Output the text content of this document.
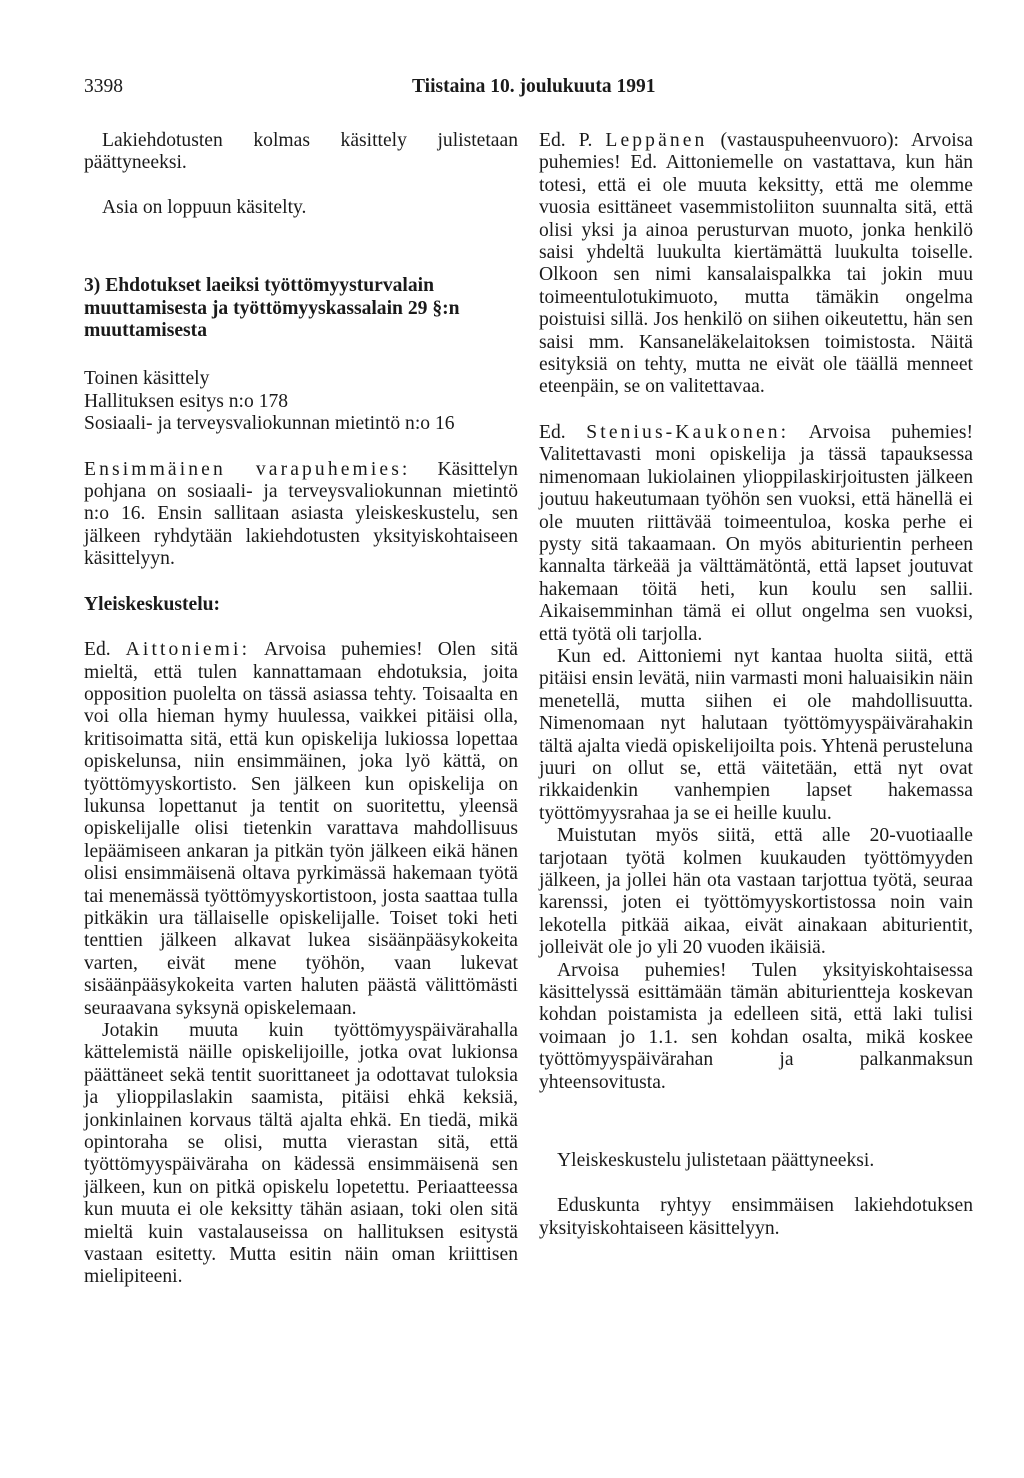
3398	Tiistaina 10. joulukuuta 1991

Lakiehdotusten kolmas käsittely julistetaan päättyneeksi.

Asia on loppuun käsitelty.

3) Ehdotukset laeiksi työttömyysturvalain muuttamisesta ja työttömyyskassalain 29 §:n muuttamisesta

Toinen käsittely

Hallituksen esitys n:o 178

Sosiaali- ja terveysvaliokunnan mietintö n:o 16

Ensimmäinen varapuhemies: Käsittelyn pohjana on sosiaali- ja terveysvaliokunnan mietintö n:o 16. Ensin sallitaan asiasta yleiskeskustelu, sen jälkeen ryhdytään lakiehdotusten yksityiskohtaiseen käsittelyyn.

Yleiskeskustelu:

Ed. Aittoniemi: Arvoisa puhemies! Olen sitä mieltä, että tulen kannattamaan ehdotuksia, joita opposition puolelta on tässä asiassa tehty. Toisaalta en voi olla hieman hymy huulessa, vaikkei pitäisi olla, kritisoimatta sitä, että kun opiskelija lukiossa lopettaa opiskelunsa, niin ensimmäinen, joka lyö kättä, on työttömyyskortisto. Sen jälkeen kun opiskelija on lukunsa lopettanut ja tentit on suoritettu, yleensä opiskelijalle olisi tietenkin varattava mahdollisuus lepäämiseen ankaran ja pitkän työn jälkeen eikä hänen olisi ensimmäisenä oltava pyrkimässä hakemaan työtä tai menemässä työttömyyskortistoon, josta saattaa tulla pitkäkin ura tällaiselle opiskelijalle. Toiset toki heti tenttien jälkeen alkavat lukea sisäänpääsykokeita varten, eivät mene työhön, vaan lukevat sisäänpääsykokeita varten haluten päästä välittömästi seuraavana syksynä opiskelemaan.

Jotakin muuta kuin työttömyyspäivärahalla kättelemistä näille opiskelijoille, jotka ovat lukionsa päättäneet sekä tentit suorittaneet ja odottavat tuloksia ja ylioppilaslakin saamista, pitäisi ehkä keksiä, jonkinlainen korvaus tältä ajalta ehkä. En tiedä, mikä opintoraha se olisi, mutta vierastan sitä, että työttömyyspäiväraha on kädessä ensimmäisenä sen jälkeen, kun on pitkä opiskelu lopetettu. Periaatteessa kun muuta ei ole keksitty tähän asiaan, toki olen sitä mieltä kuin vastalauseissa on hallituksen esitystä vastaan esitetty. Mutta esitin näin oman kriittisen mielipiteeni.

Ed. P. Leppänen (vastauspuheenvuoro): Arvoisa puhemies! Ed. Aittoniemelle on vastattava, kun hän totesi, että ei ole muuta keksitty, että me olemme vuosia esittäneet vasemmistoliiton suunnalta sitä, että olisi yksi ja ainoa perusturvan muoto, jonka henkilö saisi yhdeltä luukulta kiertämättä luukulta toiselle. Olkoon sen nimi kansalaispalkka tai jokin muu toimeentulotukimuoto, mutta tämäkin ongelma poistuisi sillä. Jos henkilö on siihen oikeutettu, hän sen saisi mm. Kansaneläkelaitoksen toimistosta. Näitä esityksiä on tehty, mutta ne eivät ole täällä menneet eteenpäin, se on valitettavaa.

Ed. Stenius-Kaukonen: Arvoisa puhemies! Valitettavasti moni opiskelija ja tässä tapauksessa nimenomaan lukiolainen ylioppilaskirjoitusten jälkeen joutuu hakeutumaan työhön sen vuoksi, että hänellä ei ole muuten riittävää toimeentuloa, koska perhe ei pysty sitä takaamaan. On myös abiturientin perheen kannalta tärkeää ja välttämätöntä, että lapset joutuvat hakemaan töitä heti, kun koulu sen sallii. Aikaisemminhan tämä ei ollut ongelma sen vuoksi, että työtä oli tarjolla.

Kun ed. Aittoniemi nyt kantaa huolta siitä, että pitäisi ensin levätä, niin varmasti moni haluaisikin näin menetellä, mutta siihen ei ole mahdollisuutta. Nimenomaan nyt halutaan työttömyyspäivärahakin tältä ajalta viedä opiskelijoilta pois. Yhtenä perusteluna juuri on ollut se, että väitetään, että nyt ovat rikkaidenkin vanhempien lapset hakemassa työttömyysrahaa ja se ei heille kuulu.

Muistutan myös siitä, että alle 20-vuotiaalle tarjotaan työtä kolmen kuukauden työttömyyden jälkeen, ja jollei hän ota vastaan tarjottua työtä, seuraa karenssi, joten ei työttömyyskortistossa noin vain lekotella pitkää aikaa, eivät ainakaan abiturientit, jolleivät ole jo yli 20 vuoden ikäisiä.

Arvoisa puhemies! Tulen yksityiskohtaisessa käsittelyssä esittämään tämän abiturientteja koskevan kohdan poistamista ja edelleen sitä, että laki tulisi voimaan jo 1.1. sen kohdan osalta, mikä koskee työttömyyspäivärahan ja palkanmaksun yhteensovitusta.

Yleiskeskustelu julistetaan päättyneeksi.

Eduskunta ryhtyy ensimmäisen lakiehdotuksen yksityiskohtaiseen käsittelyyn.
